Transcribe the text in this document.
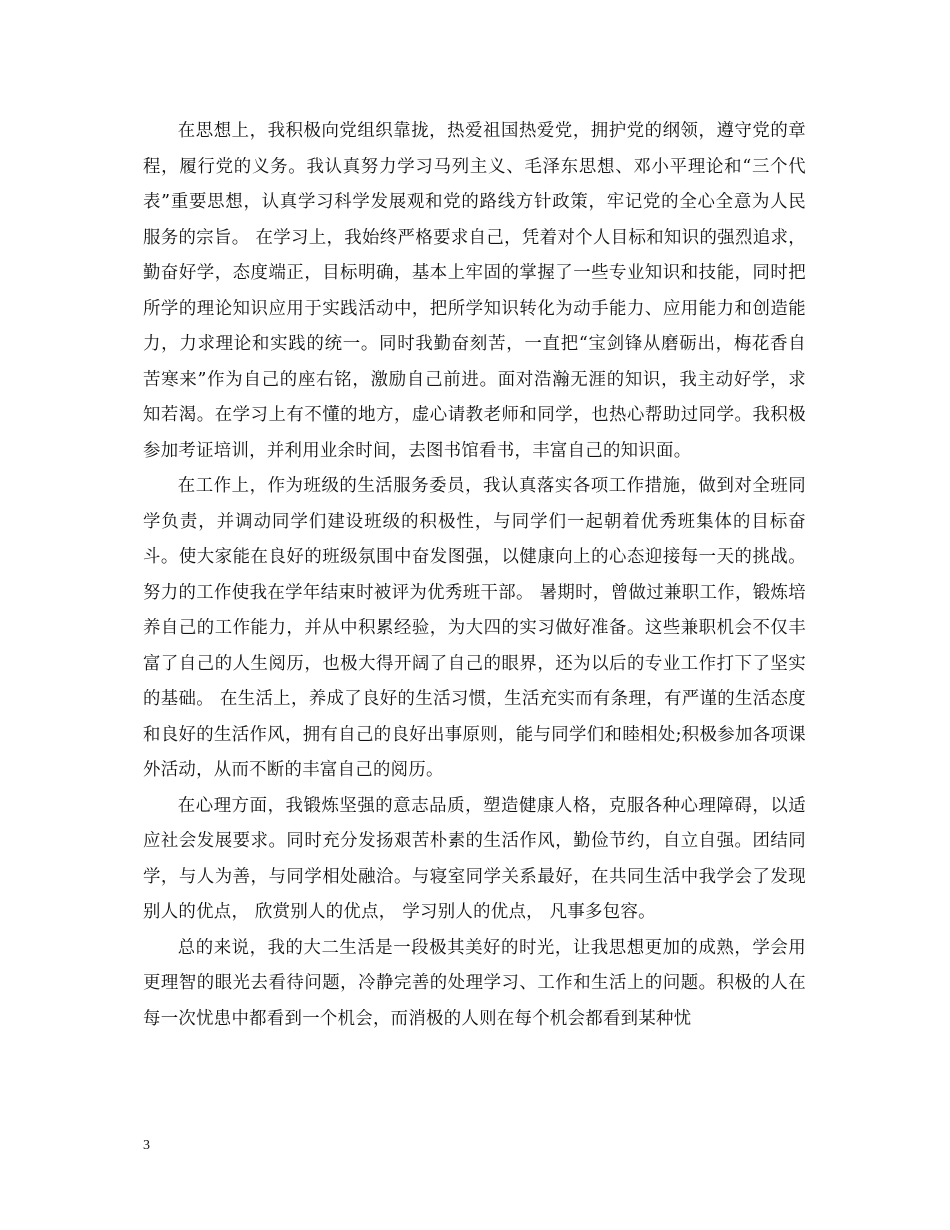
在思想上，我积极向党组织靠拢，热爱祖国热爱党，拥护党的纲领，遵守党的章程，履行党的义务。我认真努力学习马列主义、毛泽东思想、邓小平理论和“三个代表”重要思想，认真学习科学发展观和党的路线方针政策，牢记党的全心全意为人民服务的宗旨。 在学习上，我始终严格要求自己，凭着对个人目标和知识的强烈追求，勤奋好学，态度端正，目标明确，基本上牢固的掌握了一些专业知识和技能，同时把所学的理论知识应用于实践活动中，把所学知识转化为动手能力、应用能力和创造能力，力求理论和实践的统一。同时我勤奋刻苦，一直把“宝剑锋从磨砺出，梅花香自苦寒来”作为自己的座右铭，激励自己前进。面对浩瀚无涯的知识，我主动好学，求知若渴。在学习上有不懂的地方，虚心请教老师和同学，也热心帮助过同学。我积极参加考证培训，并利用业余时间，去图书馆看书，丰富自己的知识面。

在工作上，作为班级的生活服务委员，我认真落实各项工作措施，做到对全班同学负责，并调动同学们建设班级的积极性，与同学们一起朝着优秀班集体的目标奋斗。使大家能在良好的班级氛围中奋发图强，以健康向上的心态迎接每一天的挑战。努力的工作使我在学年结束时被评为优秀班干部。 暑期时，曾做过兼职工作，锻炼培养自己的工作能力，并从中积累经验，为大四的实习做好准备。这些兼职机会不仅丰富了自己的人生阅历，也极大得开阔了自己的眼界，还为以后的专业工作打下了坚实的基础。 在生活上，养成了良好的生活习惯，生活充实而有条理，有严谨的生活态度和良好的生活作风，拥有自己的良好出事原则，能与同学们和睦相处;积极参加各项课外活动，从而不断的丰富自己的阅历。

在心理方面，我锻炼坚强的意志品质，塑造健康人格，克服各种心理障碍，以适应社会发展要求。同时充分发扬艰苦朴素的生活作风，勤俭节约，自立自强。团结同学，与人为善，与同学相处融洽。与寝室同学关系最好，在共同生活中我学会了发现别人的优点， 欣赏别人的优点， 学习别人的优点， 凡事多包容。

总的来说，我的大二生活是一段极其美好的时光，让我思想更加的成熟，学会用更理智的眼光去看待问题，冷静完善的处理学习、工作和生活上的问题。积极的人在每一次忧患中都看到一个机会，而消极的人则在每个机会都看到某种忧

3
